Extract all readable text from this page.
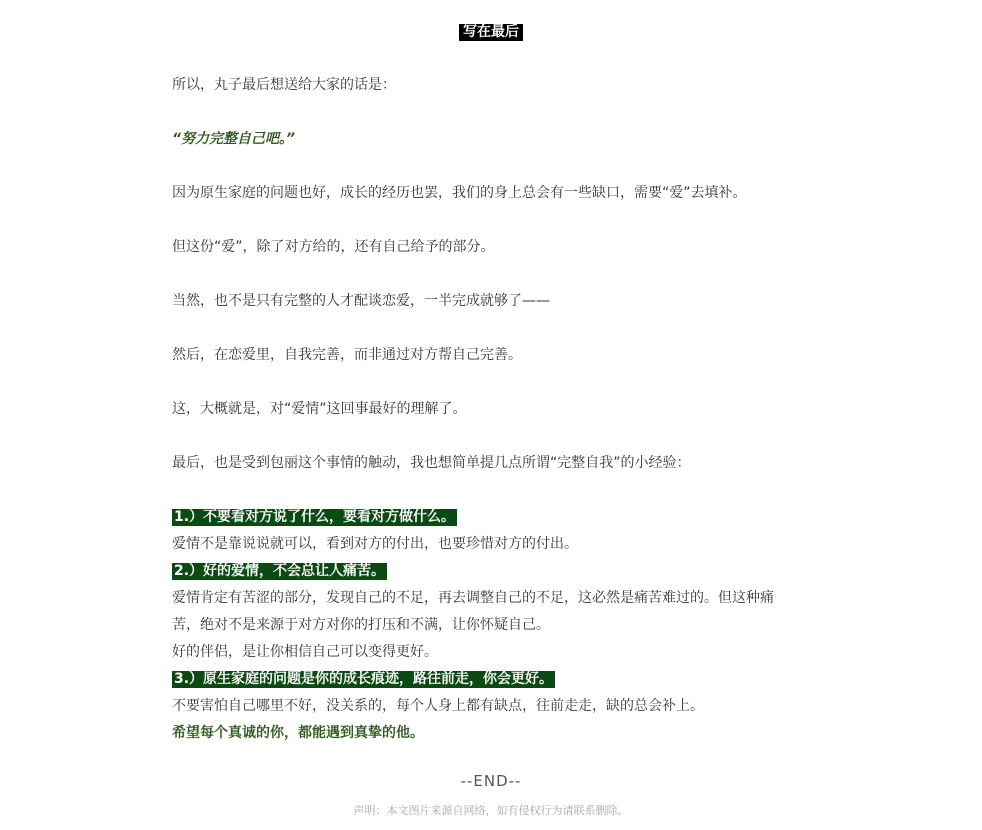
写在最后
所以，丸子最后想送给大家的话是：
“努力完整自己吧。”
因为原生家庭的问题也好，成长的经历也罢，我们的身上总会有一些缺口，需要“爱”去填补。
但这份“爱”，除了对方给的，还有自己给予的部分。
当然，也不是只有完整的人才配谈恋爱，一半完成就够了——
然后，在恋爱里，自我完善，而非通过对方帮自己完善。
这，大概就是，对“爱情”这回事最好的理解了。
最后，也是受到包丽这个事情的触动，我也想简单提几点所谓“完整自我”的小经验：
1.）不要看对方说了什么，要看对方做什么。
爱情不是靠说说就可以，看到对方的付出，也要珍惜对方的付出。
2.）好的爱情，不会总让人痛苦。
爱情肯定有苦涩的部分，发现自己的不足，再去调整自己的不足，这必然是痛苦难过的。但这种痛
苦，绝对不是来源于对方对你的打压和不满，让你怀疑自己。
好的伴侣，是让你相信自己可以变得更好。
3.）原生家庭的问题是你的成长痕迹，路往前走，你会更好。
不要害怕自己哪里不好，没关系的，每个人身上都有缺点，往前走走，缺的总会补上。
希望每个真诚的你，都能遇到真挚的他。
--END--
声明：本文图片来源自网络，如有侵权行为请联系删除。
